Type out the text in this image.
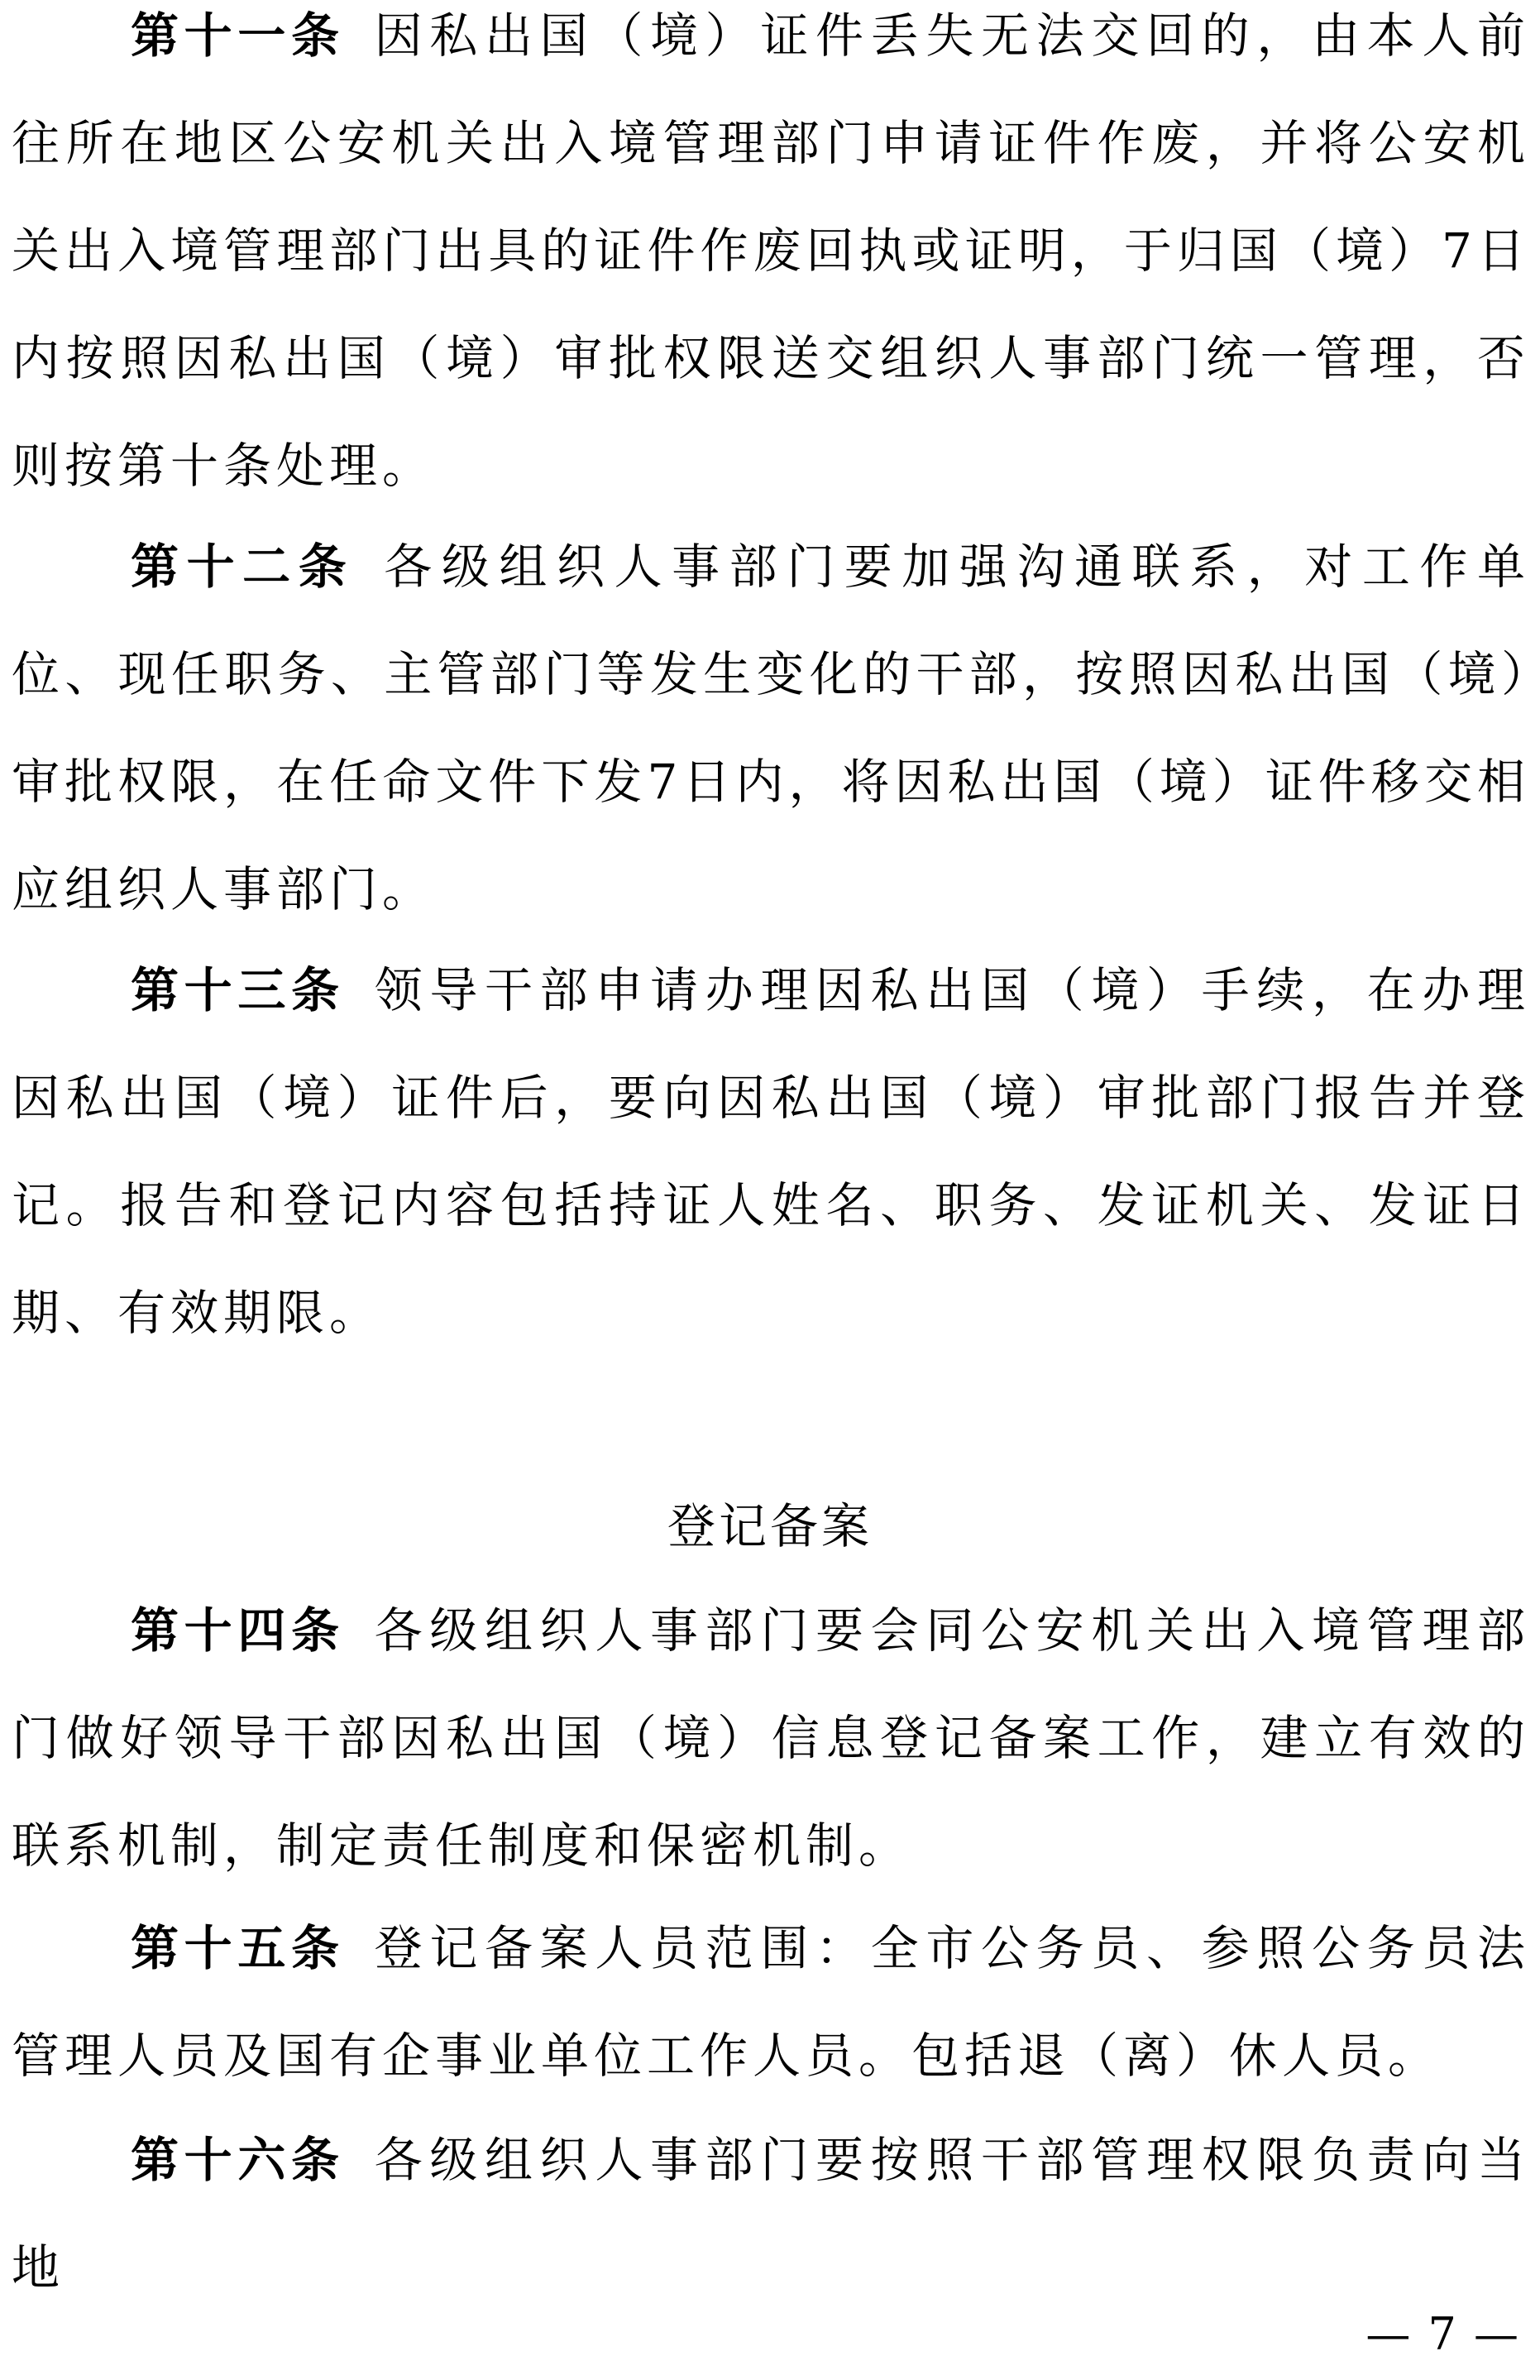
第十一条 因私出国（境）证件丢失无法交回的，由本人前往所在地区公安机关出入境管理部门申请证件作废，并将公安机关出入境管理部门出具的证件作废回执或证明，于归国（境）7日内按照因私出国（境）审批权限送交组织人事部门统一管理，否则按第十条处理。

第十二条 各级组织人事部门要加强沟通联系，对工作单位、现任职务、主管部门等发生变化的干部，按照因私出国（境）审批权限，在任命文件下发7日内，将因私出国（境）证件移交相应组织人事部门。

第十三条 领导干部申请办理因私出国（境）手续，在办理因私出国（境）证件后，要向因私出国（境）审批部门报告并登记。报告和登记内容包括持证人姓名、职务、发证机关、发证日期、有效期限。

登记备案

第十四条 各级组织人事部门要会同公安机关出入境管理部门做好领导干部因私出国（境）信息登记备案工作，建立有效的联系机制，制定责任制度和保密机制。

第十五条 登记备案人员范围：全市公务员、参照公务员法管理人员及国有企事业单位工作人员。包括退（离）休人员。

第十六条 各级组织人事部门要按照干部管理权限负责向当地

— 7 —
